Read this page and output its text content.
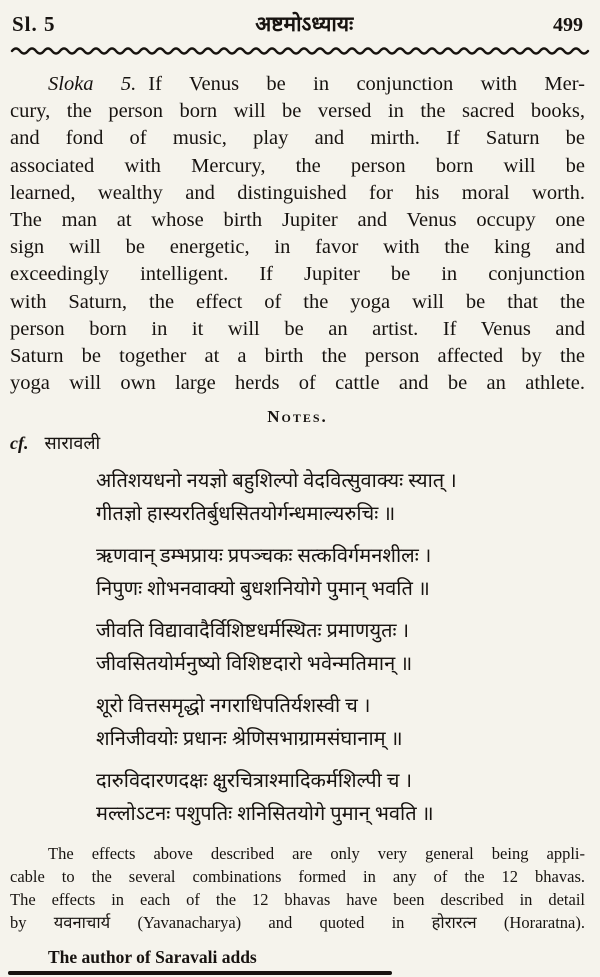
Sl. 5	अष्टमोऽध्यायः	499
Sloka 5. If Venus be in conjunction with Mer-
cury, the person born will be versed in the sacred books,
and fond of music, play and mirth. If Saturn be
associated with Mercury, the person born will be
learned, wealthy and distinguished for his moral worth.
The man at whose birth Jupiter and Venus occupy one
sign will be energetic, in favor with the king and
exceedingly intelligent. If Jupiter be in conjunction
with Saturn, the effect of the yoga will be that the
person born in it will be an artist. If Venus and
Saturn be together at a birth the person affected by the
yoga will own large herds of cattle and be an athlete.
Notes.
cf. सारावली
अतिशयधनो नयज्ञो बहुशिल्पो वेदवित्सुवाक्यः स्यात् ।
गीतज्ञो हास्यरतिर्बुधसितयोर्गन्धमाल्यरुचिः ॥
ऋणवान् डम्भप्रायः प्रपञ्चकः सत्कविर्गमनशीलः ।
निपुणः शोभनवाक्यो बुधशनियोगे पुमान् भवति ॥
जीवति विद्यावादैर्विशिष्टधर्मस्थितः प्रमाणयुतः ।
जीवसितयोर्मनुष्यो विशिष्टदारो भवेन्मतिमान् ॥
शूरो वित्तसमृद्धो नगराधिपतिर्यशस्वी च ।
शनिजीवयोः प्रधानः श्रेणिसभाग्रामसंघानाम् ॥
दारुविदारणदक्षः क्षुरचित्राश्मादिकर्मशिल्पी च ।
मल्लोऽटनः पशुपतिः शनिसितयोगे पुमान् भवति ॥
The effects above described are only very general being appli-
cable to the several combinations formed in any of the 12 bhavas.
The effects in each of the 12 bhavas have been described in detail
by यवनाचार्य (Yavanacharya) and quoted in होरारत्न (Horaratna).
The author of Saravali adds
